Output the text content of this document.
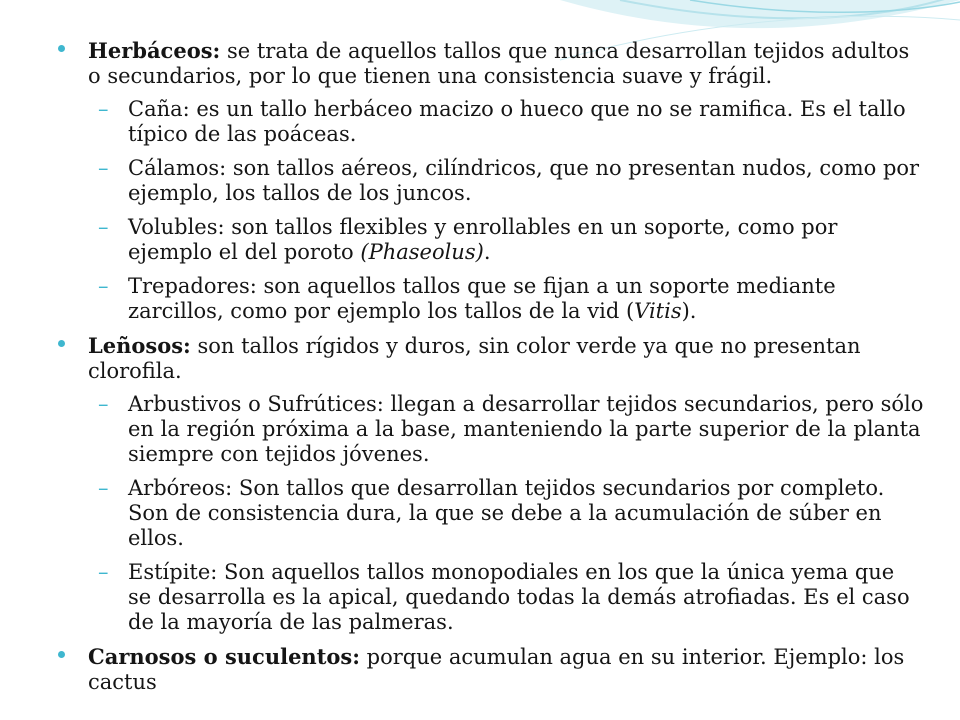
Herbáceos: se trata de aquellos tallos que nunca desarrollan tejidos adultos o secundarios, por lo que tienen una consistencia suave y frágil.
– Caña: es un tallo herbáceo macizo o hueco que no se ramifica. Es el tallo típico de las poáceas.
– Cálamos: son tallos aéreos, cilíndricos, que no presentan nudos, como por ejemplo, los tallos de los juncos.
– Volubles: son tallos flexibles y enrollables en un soporte, como por ejemplo el del poroto (Phaseolus).
– Trepadores: son aquellos tallos que se fijan a un soporte mediante zarcillos, como por ejemplo los tallos de la vid (Vitis).
Leñosos: son tallos rígidos y duros, sin color verde ya que no presentan clorofila.
– Arbustivos o Sufrútices: llegan a desarrollar tejidos secundarios, pero sólo en la región próxima a la base, manteniendo la parte superior de la planta siempre con tejidos jóvenes.
– Arbóreos: Son tallos que desarrollan tejidos secundarios por completo. Son de consistencia dura, la que se debe a la acumulación de súber en ellos.
– Estípite: Son aquellos tallos monopodiales en los que la única yema que se desarrolla es la apical, quedando todas la demás atrofiadas. Es el caso de la mayoría de las palmeras.
Carnosos o suculentos: porque acumulan agua en su interior. Ejemplo: los cactus
